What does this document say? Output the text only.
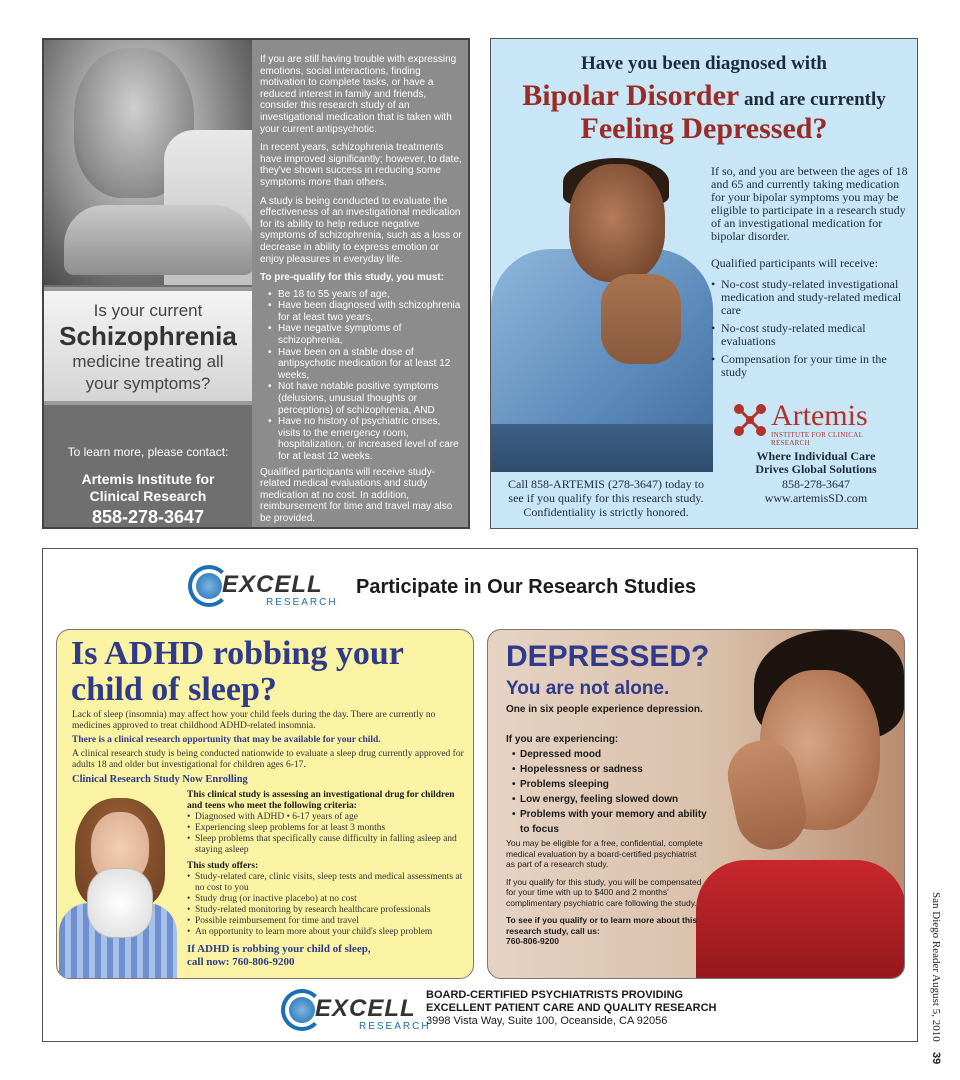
Is your current
Schizophrenia
medicine treating all
your symptoms?
To learn more, please contact:
Artemis Institute for
Clinical Research
858-278-3647

If you are still having trouble with expressing emotions, social interactions, finding motivation to complete tasks, or have a reduced interest in family and friends, consider this research study of an investigational medication that is taken with your current antipsychotic.

In recent years, schizophrenia treatments have improved significantly; however, to date, they've shown success in reducing some symptoms more than others.

A study is being conducted to evaluate the effectiveness of an investigational medication for its ability to help reduce negative symptoms of schizophrenia, such as a loss or decrease in ability to express emotion or enjoy pleasures in everyday life.

To pre-qualify for this study, you must:

• Be 18 to 55 years of age,
• Have been diagnosed with schizophrenia for at least two years,
• Have negative symptoms of schizophrenia,
• Have been on a stable dose of antipsychotic medication for at least 12 weeks,
• Not have notable positive symptoms (delusions, unusual thoughts or perceptions) of schizophrenia, AND
• Have no history of psychiatric crises, visits to the emergency room, hospitalization, or increased level of care for at least 12 weeks.

Qualified participants will receive study-related medical evaluations and study medication at no cost. In addition, reimbursement for time and travel may also be provided.

Have you been diagnosed with
Bipolar Disorder and are currently
Feeling Depressed?

If so, and you are between the ages of 18 and 65 and currently taking medication for your bipolar symptoms you may be eligible to participate in a research study of an investigational medication for bipolar disorder.

Qualified participants will receive:
• No-cost study-related investigational medication and study-related medical care
• No-cost study-related medical evaluations
• Compensation for your time in the study
Artemis
INSTITUTE FOR CLINICAL RESEARCH
Where Individual Care
Drives Global Solutions
858-278-3647
www.artemisSD.com
Call 858-ARTEMIS (278-3647) today to
see if you qualify for this research study.
Confidentiality is strictly honored.
EXCELL
RESEARCH
Participate in Our Research Studies
Is ADHD robbing your child of sleep?
Lack of sleep (insomnia) may affect how your child feels during the day. There are currently no medicines approved to treat childhood ADHD-related insomnia.
There is a clinical research opportunity that may be available for your child.
A clinical research study is being conducted nationwide to evaluate a sleep drug currently approved for adults 18 and older but investigational for children ages 6-17.
Clinical Research Study Now Enrolling
This clinical study is assessing an investigational drug for children and teens who meet the following criteria:
• Diagnosed with ADHD • 6-17 years of age
• Experiencing sleep problems for at least 3 months
• Sleep problems that specifically cause difficulty in falling asleep and staying asleep
This study offers:
• Study-related care, clinic visits, sleep tests and medical assessments at no cost to you
• Study drug (or inactive placebo) at no cost
• Study-related monitoring by research healthcare professionals
• Possible reimbursement for time and travel
• An opportunity to learn more about your child's sleep problem
If ADHD is robbing your child of sleep,
call now: 760-806-9200
DEPRESSED?
You are not alone.
One in six people experience depression.
If you are experiencing:
• Depressed mood
• Hopelessness or sadness
• Problems sleeping
• Low energy, feeling slowed down
• Problems with your memory and ability to focus

You may be eligible for a free, confidential, complete medical evaluation by a board-certified psychiatrist as part of a research study.

If you qualify for this study, you will be compensated for your time with up to $400 and 2 months' complimentary psychiatric care following the study.

To see if you qualify or to learn more about this research study, call us:
760-806-9200

EXCELL
RESEARCH
BOARD-CERTIFIED PSYCHIATRISTS PROVIDING
EXCELLENT PATIENT CARE AND QUALITY RESEARCH
3998 Vista Way, Suite 100, Oceanside, CA 92056	San Diego Reader August 5, 2010 39
